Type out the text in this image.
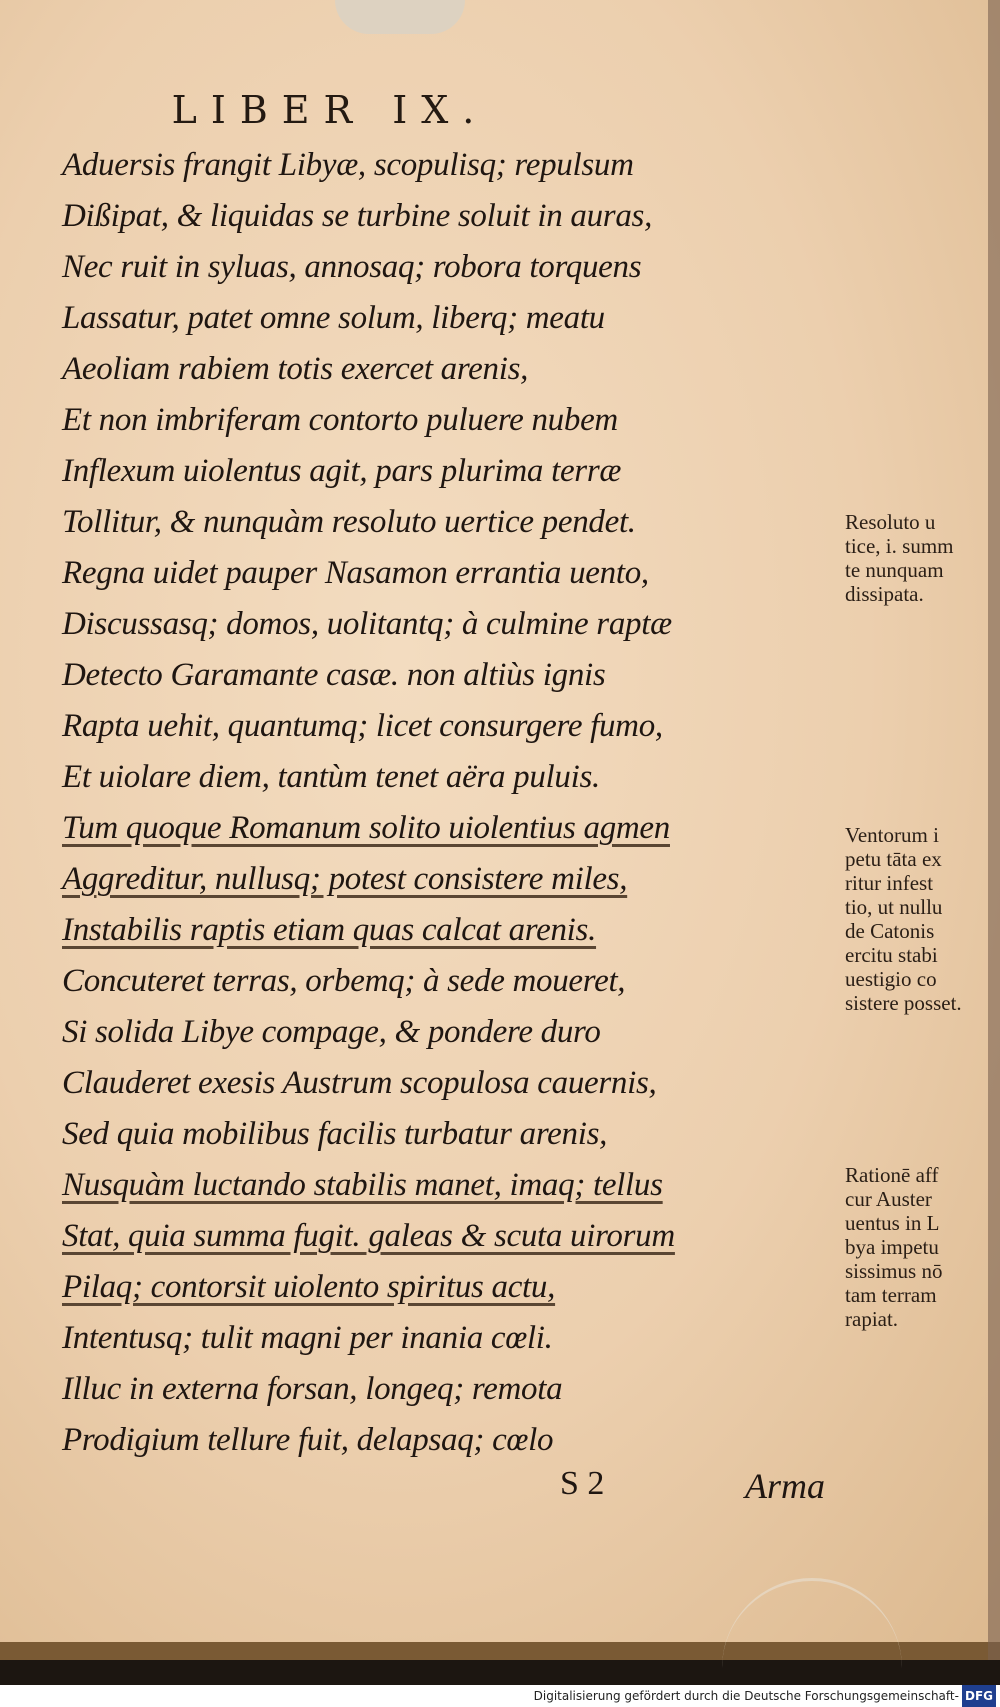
LIBER IX.
Aduersis frangit Libyæ, scopulisq; repulsum
Dißipat, & liquidas se turbine soluit in auras,
Nec ruit in syluas, annosaq; robora torquens
Lassatur, patet omne solum, liberq; meatu
Aeoliam rabiem totis exercet arenis,
Et non imbriferam contorto puluere nubem
Inflexum uiolentus agit, pars plurima terræ
Tollitur, & nunquàm resoluto uertice pendet.
Regna uidet pauper Nasamon errantia uento,
Discussasq; domos, uolitantq; à culmine raptæ
Detecto Garamante casæ. non altiùs ignis
Rapta uehit, quantumq; licet consurgere fumo,
Et uiolare diem, tantùm tenet aëra puluis.
Tum quoque Romanum solito uiolentius agmen
Aggreditur, nullusq; potest consistere miles,
Instabilis raptis etiam quas calcat arenis.
Concuteret terras, orbemq; à sede moueret,
Si solida Libye compage, & pondere duro
Clauderet exesis Austrum scopulosa cauernis,
Sed quia mobilibus facilis turbatur arenis,
Nusquàm luctando stabilis manet, imaq; tellus
Stat, quia summa fugit. galeas & scuta uirorum
Pilaq; contorsit uiolento spiritus actu,
Intentusq; tulit magni per inania cœli.
Illuc in externa forsan, longeq; remota
Prodigium tellure fuit, delapsaq; cœlo
Resoluto u
tice, i. summ
te nunquam
dissipata.
Ventorum i
petu tāta ex
ritur infest
tio, ut nullu
de Catonis
ercitu stabi
uestigio co
sistere posset.
Rationē aff
cur Auster
uentus in L
bya impetu
sissimus nō
tam terram
rapiat.
S 2	Arma
Digitalisierung gefördert durch die Deutsche Forschungsgemeinschaft- DFG
